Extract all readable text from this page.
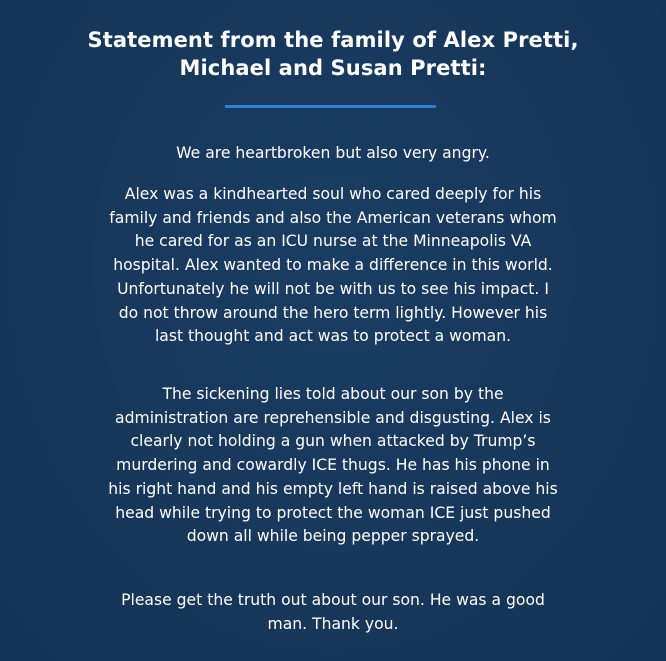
Statement from the family of Alex Pretti,
Michael and Susan Pretti:

We are heartbroken but also very angry.

Alex was a kindhearted soul who cared deeply for his
family and friends and also the American veterans whom
he cared for as an ICU nurse at the Minneapolis VA
hospital. Alex wanted to make a difference in this world.
Unfortunately he will not be with us to see his impact. I
do not throw around the hero term lightly. However his
last thought and act was to protect a woman.

The sickening lies told about our son by the
administration are reprehensible and disgusting. Alex is
clearly not holding a gun when attacked by Trump’s
murdering and cowardly ICE thugs. He has his phone in
his right hand and his empty left hand is raised above his
head while trying to protect the woman ICE just pushed
down all while being pepper sprayed.

Please get the truth out about our son. He was a good
man. Thank you.
